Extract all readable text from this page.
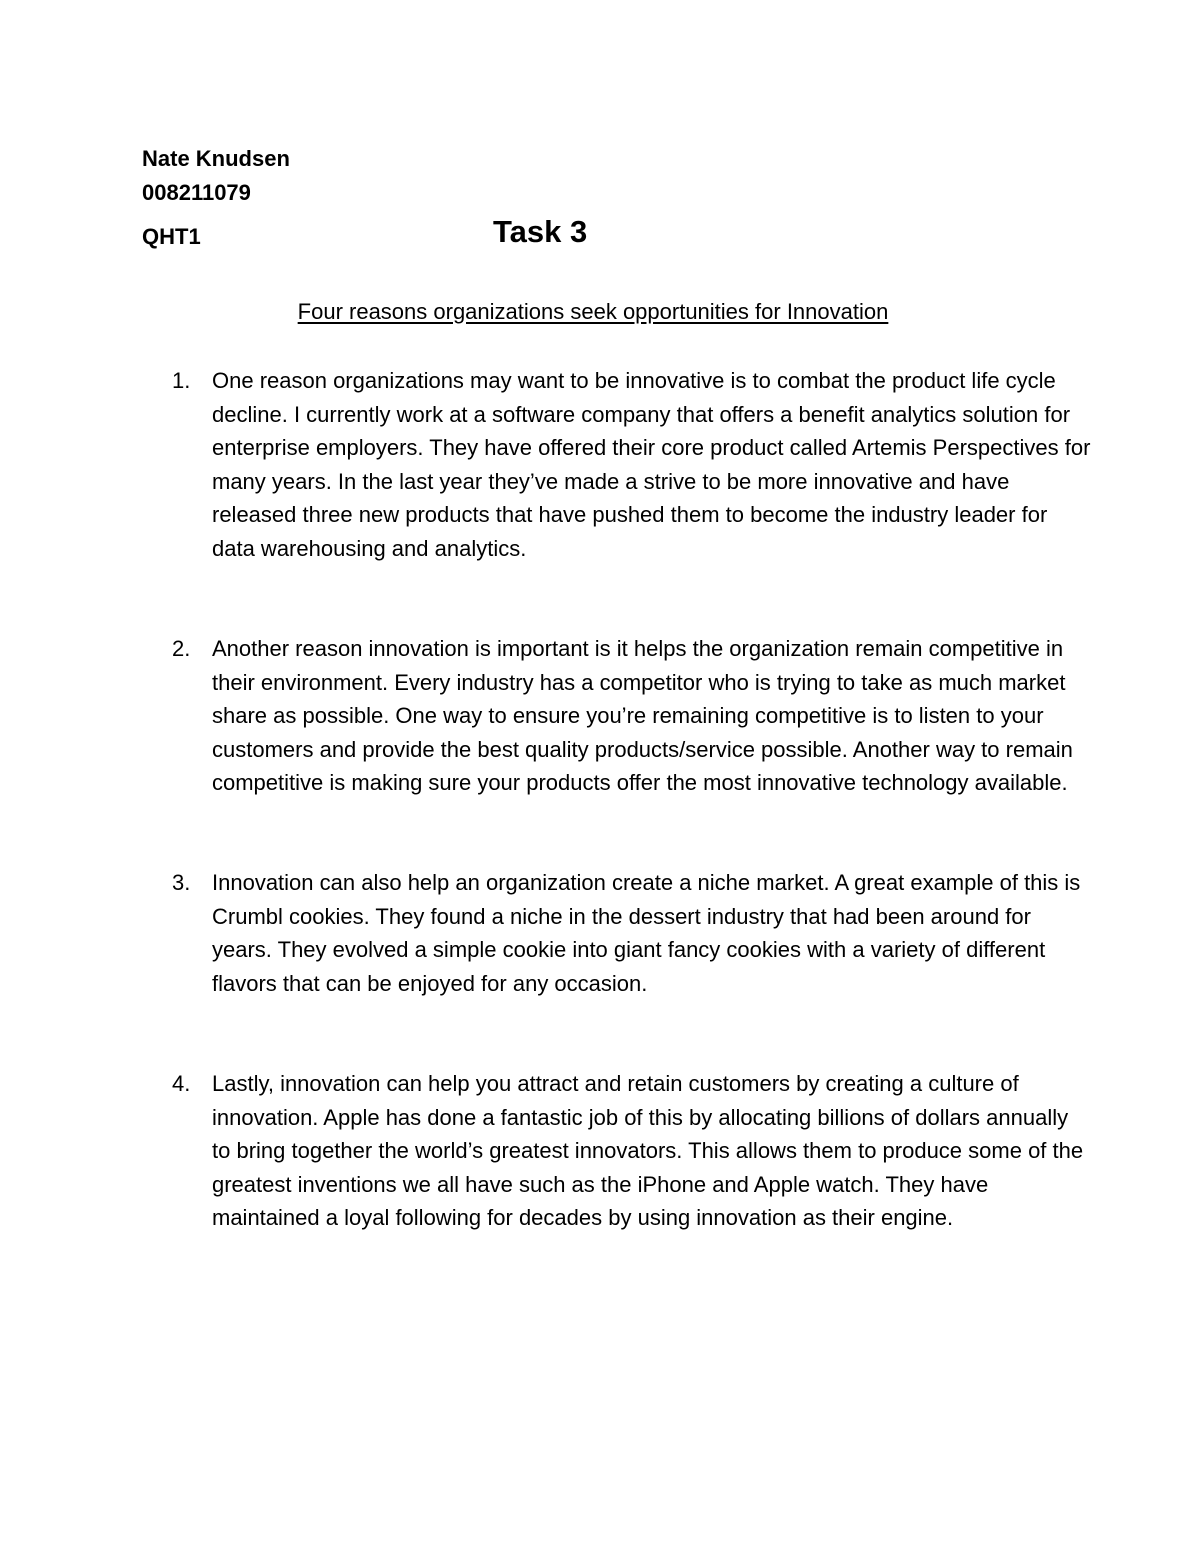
Nate Knudsen
008211079
QHT1	Task 3
Four reasons organizations seek opportunities for Innovation
1. One reason organizations may want to be innovative is to combat the product life cycle decline. I currently work at a software company that offers a benefit analytics solution for enterprise employers. They have offered their core product called Artemis Perspectives for many years. In the last year they’ve made a strive to be more innovative and have released three new products that have pushed them to become the industry leader for data warehousing and analytics.
2. Another reason innovation is important is it helps the organization remain competitive in their environment. Every industry has a competitor who is trying to take as much market share as possible. One way to ensure you’re remaining competitive is to listen to your customers and provide the best quality products/service possible. Another way to remain competitive is making sure your products offer the most innovative technology available.
3. Innovation can also help an organization create a niche market. A great example of this is Crumbl cookies. They found a niche in the dessert industry that had been around for years. They evolved a simple cookie into giant fancy cookies with a variety of different flavors that can be enjoyed for any occasion.
4. Lastly, innovation can help you attract and retain customers by creating a culture of innovation. Apple has done a fantastic job of this by allocating billions of dollars annually to bring together the world’s greatest innovators. This allows them to produce some of the greatest inventions we all have such as the iPhone and Apple watch. They have maintained a loyal following for decades by using innovation as their engine.
